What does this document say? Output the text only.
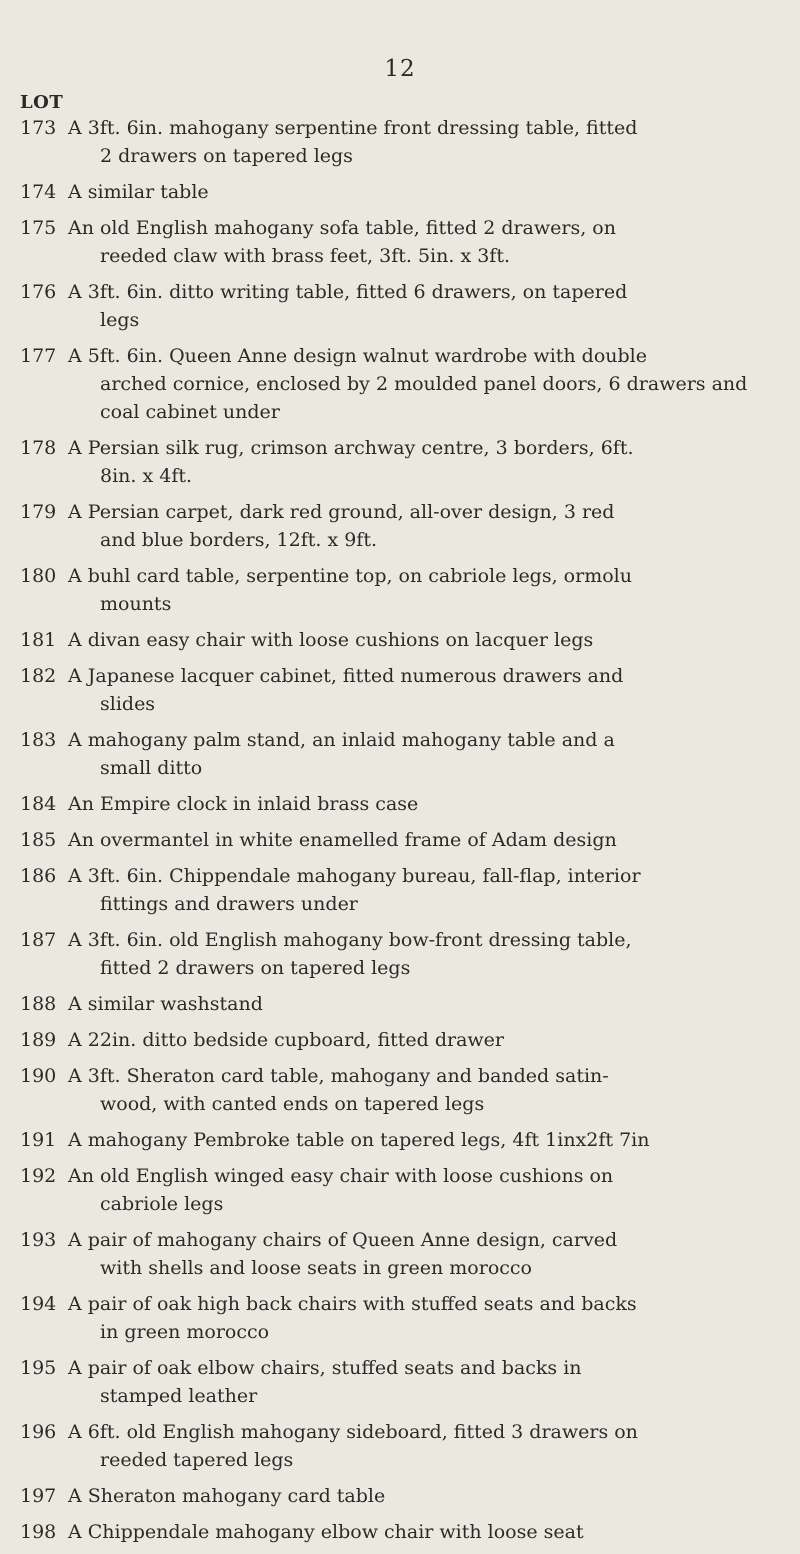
12
LOT
173 A 3ft. 6in. mahogany serpentine front dressing table, fitted
2 drawers on tapered legs
174 A similar table
175 An old English mahogany sofa table, fitted 2 drawers, on
reeded claw with brass feet, 3ft. 5in. x 3ft.
176 A 3ft. 6in. ditto writing table, fitted 6 drawers, on tapered
legs
177 A 5ft. 6in. Queen Anne design walnut wardrobe with double
arched cornice, enclosed by 2 moulded panel doors, 6 drawers and coal cabinet under
178 A Persian silk rug, crimson archway centre, 3 borders, 6ft.
8in. x 4ft.
179 A Persian carpet, dark red ground, all-over design, 3 red
and blue borders, 12ft. x 9ft.
180 A buhl card table, serpentine top, on cabriole legs, ormolu
mounts
181 A divan easy chair with loose cushions on lacquer legs
182 A Japanese lacquer cabinet, fitted numerous drawers and
slides
183 A mahogany palm stand, an inlaid mahogany table and a
small ditto
184 An Empire clock in inlaid brass case
185 An overmantel in white enamelled frame of Adam design
186 A 3ft. 6in. Chippendale mahogany bureau, fall-flap, interior
fittings and drawers under
187 A 3ft. 6in. old English mahogany bow-front dressing table,
fitted 2 drawers on tapered legs
188 A similar washstand
189 A 22in. ditto bedside cupboard, fitted drawer
190 A 3ft. Sheraton card table, mahogany and banded satin-
wood, with canted ends on tapered legs
191 A mahogany Pembroke table on tapered legs, 4ft 1inx2ft 7in
192 An old English winged easy chair with loose cushions on
cabriole legs
193 A pair of mahogany chairs of Queen Anne design, carved
with shells and loose seats in green morocco
194 A pair of oak high back chairs with stuffed seats and backs
in green morocco
195 A pair of oak elbow chairs, stuffed seats and backs in
stamped leather
196 A 6ft. old English mahogany sideboard, fitted 3 drawers on
reeded tapered legs
197 A Sheraton mahogany card table
198 A Chippendale mahogany elbow chair with loose seat
